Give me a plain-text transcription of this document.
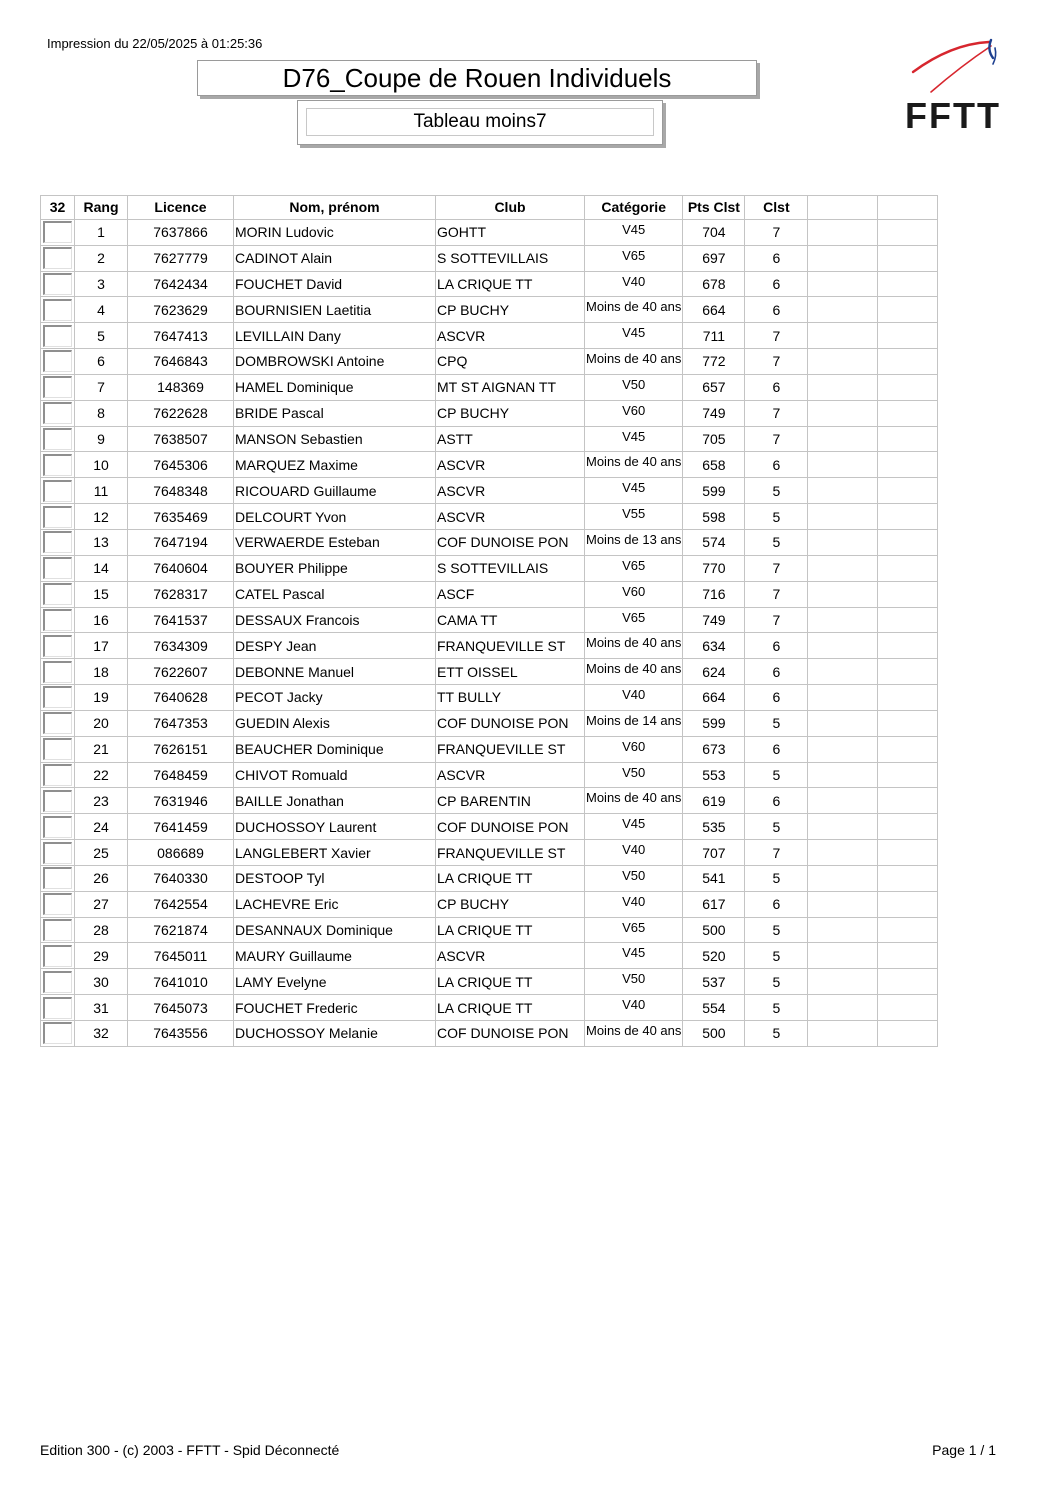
Impression du 22/05/2025 à 01:25:36
D76_Coupe de Rouen Individuels
Tableau moins7	FFTT
32	Rang	Licence	Nom, prénom	Club	Catégorie	Pts Clst	Clst		

	1	7637866	MORIN Ludovic	GOHTT	V45	704	7		

	2	7627779	CADINOT Alain	S SOTTEVILLAIS	V65	697	6		

	3	7642434	FOUCHET David	LA CRIQUE TT	V40	678	6		

	4	7623629	BOURNISIEN Laetitia	CP BUCHY	Moins de 40 ans	664	6		

	5	7647413	LEVILLAIN Dany	ASCVR	V45	711	7		

	6	7646843	DOMBROWSKI Antoine	CPQ	Moins de 40 ans	772	7		

	7	148369	HAMEL Dominique	MT ST AIGNAN TT	V50	657	6		

	8	7622628	BRIDE Pascal	CP BUCHY	V60	749	7		

	9	7638507	MANSON Sebastien	ASTT	V45	705	7		

	10	7645306	MARQUEZ Maxime	ASCVR	Moins de 40 ans	658	6		

	11	7648348	RICOUARD Guillaume	ASCVR	V45	599	5		

	12	7635469	DELCOURT Yvon	ASCVR	V55	598	5		

	13	7647194	VERWAERDE Esteban	COF DUNOISE PON	Moins de 13 ans	574	5		

	14	7640604	BOUYER Philippe	S SOTTEVILLAIS	V65	770	7		

	15	7628317	CATEL Pascal	ASCF	V60	716	7		

	16	7641537	DESSAUX Francois	CAMA TT	V65	749	7		

	17	7634309	DESPY Jean	FRANQUEVILLE ST	Moins de 40 ans	634	6		

	18	7622607	DEBONNE Manuel	ETT OISSEL	Moins de 40 ans	624	6		

	19	7640628	PECOT Jacky	TT BULLY	V40	664	6		

	20	7647353	GUEDIN Alexis	COF DUNOISE PON	Moins de 14 ans	599	5		

	21	7626151	BEAUCHER Dominique	FRANQUEVILLE ST	V60	673	6		

	22	7648459	CHIVOT Romuald	ASCVR	V50	553	5		

	23	7631946	BAILLE Jonathan	CP BARENTIN	Moins de 40 ans	619	6		

	24	7641459	DUCHOSSOY Laurent	COF DUNOISE PON	V45	535	5		

	25	086689	LANGLEBERT Xavier	FRANQUEVILLE ST	V40	707	7		

	26	7640330	DESTOOP Tyl	LA CRIQUE TT	V50	541	5		

	27	7642554	LACHEVRE Eric	CP BUCHY	V40	617	6		

	28	7621874	DESANNAUX Dominique	LA CRIQUE TT	V65	500	5		

	29	7645011	MAURY Guillaume	ASCVR	V45	520	5		

	30	7641010	LAMY Evelyne	LA CRIQUE TT	V50	537	5		

	31	7645073	FOUCHET Frederic	LA CRIQUE TT	V40	554	5		

	32	7643556	DUCHOSSOY Melanie	COF DUNOISE PON	Moins de 40 ans	500	5		
Edition 300 - (c) 2003 - FFTT - Spid Déconnecté	Page 1 / 1
